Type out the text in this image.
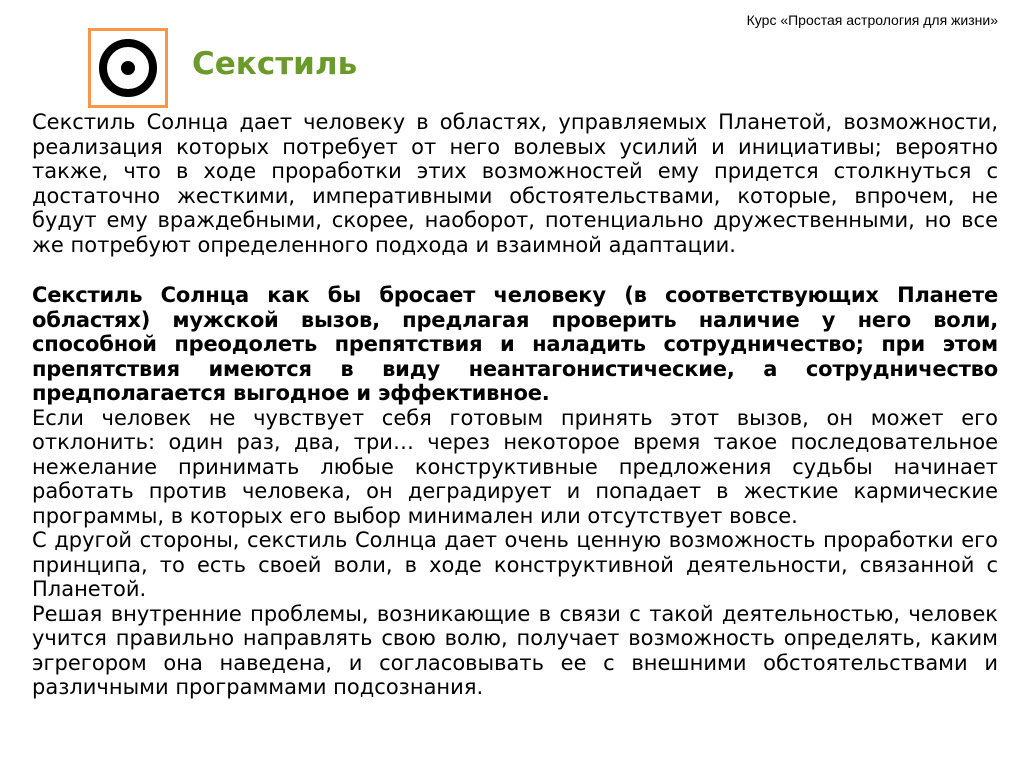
Курс «Простая астрология для жизни»
Секстиль

Секстиль Солнца дает человеку в областях, управляемых Планетой, возможности, реализация которых потребует от него волевых усилий и инициативы; вероятно также, что в ходе проработки этих возможностей ему придется столкнуться с достаточно жесткими, императивными обстоятельствами, которые, впрочем, не будут ему враждебными, скорее, наоборот, потенциально дружественными, но все же потребуют определенного подхода и взаимной адаптации.

Секстиль Солнца как бы бросает человеку (в соответствующих Планете областях) мужской вызов, предлагая проверить наличие у него воли, способной преодолеть препятствия и наладить сотрудничество; при этом препятствия имеются в виду неантагонистические, а сотрудничество предполагается выгодное и эффективное.

Если человек не чувствует себя готовым принять этот вызов, он может его отклонить: один раз, два, три… через некоторое время такое последовательное нежелание принимать любые конструктивные предложения судьбы начинает работать против человека, он деградирует и попадает в жесткие кармические программы, в которых его выбор минимален или отсутствует вовсе.

С другой стороны, секстиль Солнца дает очень ценную возможность проработки его принципа, то есть своей воли, в ходе конструктивной деятельности, связанной с Планетой.

Решая внутренние проблемы, возникающие в связи с такой деятельностью, человек учится правильно направлять свою волю, получает возможность определять, каким эгрегором она наведена, и согласовывать ее с внешними обстоятельствами и различными программами подсознания.
